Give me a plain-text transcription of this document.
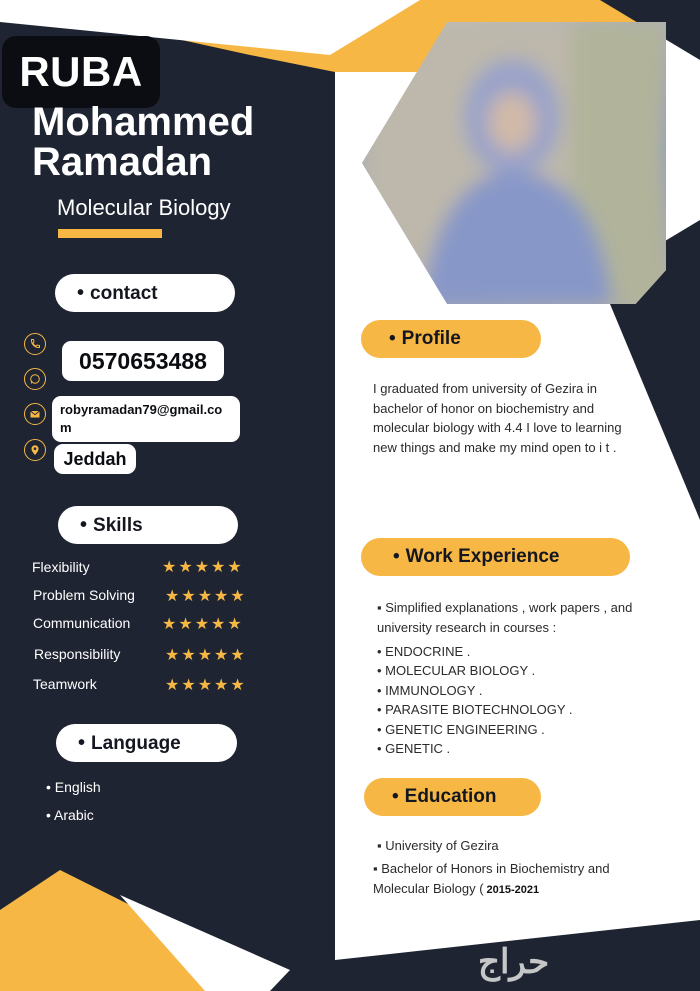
RUBA
Mohammed
Ramadan
Molecular Biology
• contact
0570653488
robyramadan79@gmail.com
Jeddah
• Skills
Flexibility	★★★★★
Problem Solving ★★★★★
Communication ★★★★★
Responsibility	★★★★★
Teamwork	★★★★★
• Language
• English
• Arabic
• Profile
I graduated from university of Gezira in bachelor of honor on biochemistry and molecular biology with 4.4 I love to learning new things and make my mind open to i t .
• Work Experience
▪ Simplified explanations , work papers , and university research in courses :
• ENDOCRINE .
• MOLECULAR BIOLOGY .
• IMMUNOLOGY .
• PARASITE BIOTECHNOLOGY .
• GENETIC ENGINEERING .
• GENETIC .
• Education
▪ University of Gezira
▪ Bachelor of Honors in Biochemistry and Molecular Biology ( 2015-2021
حراج
